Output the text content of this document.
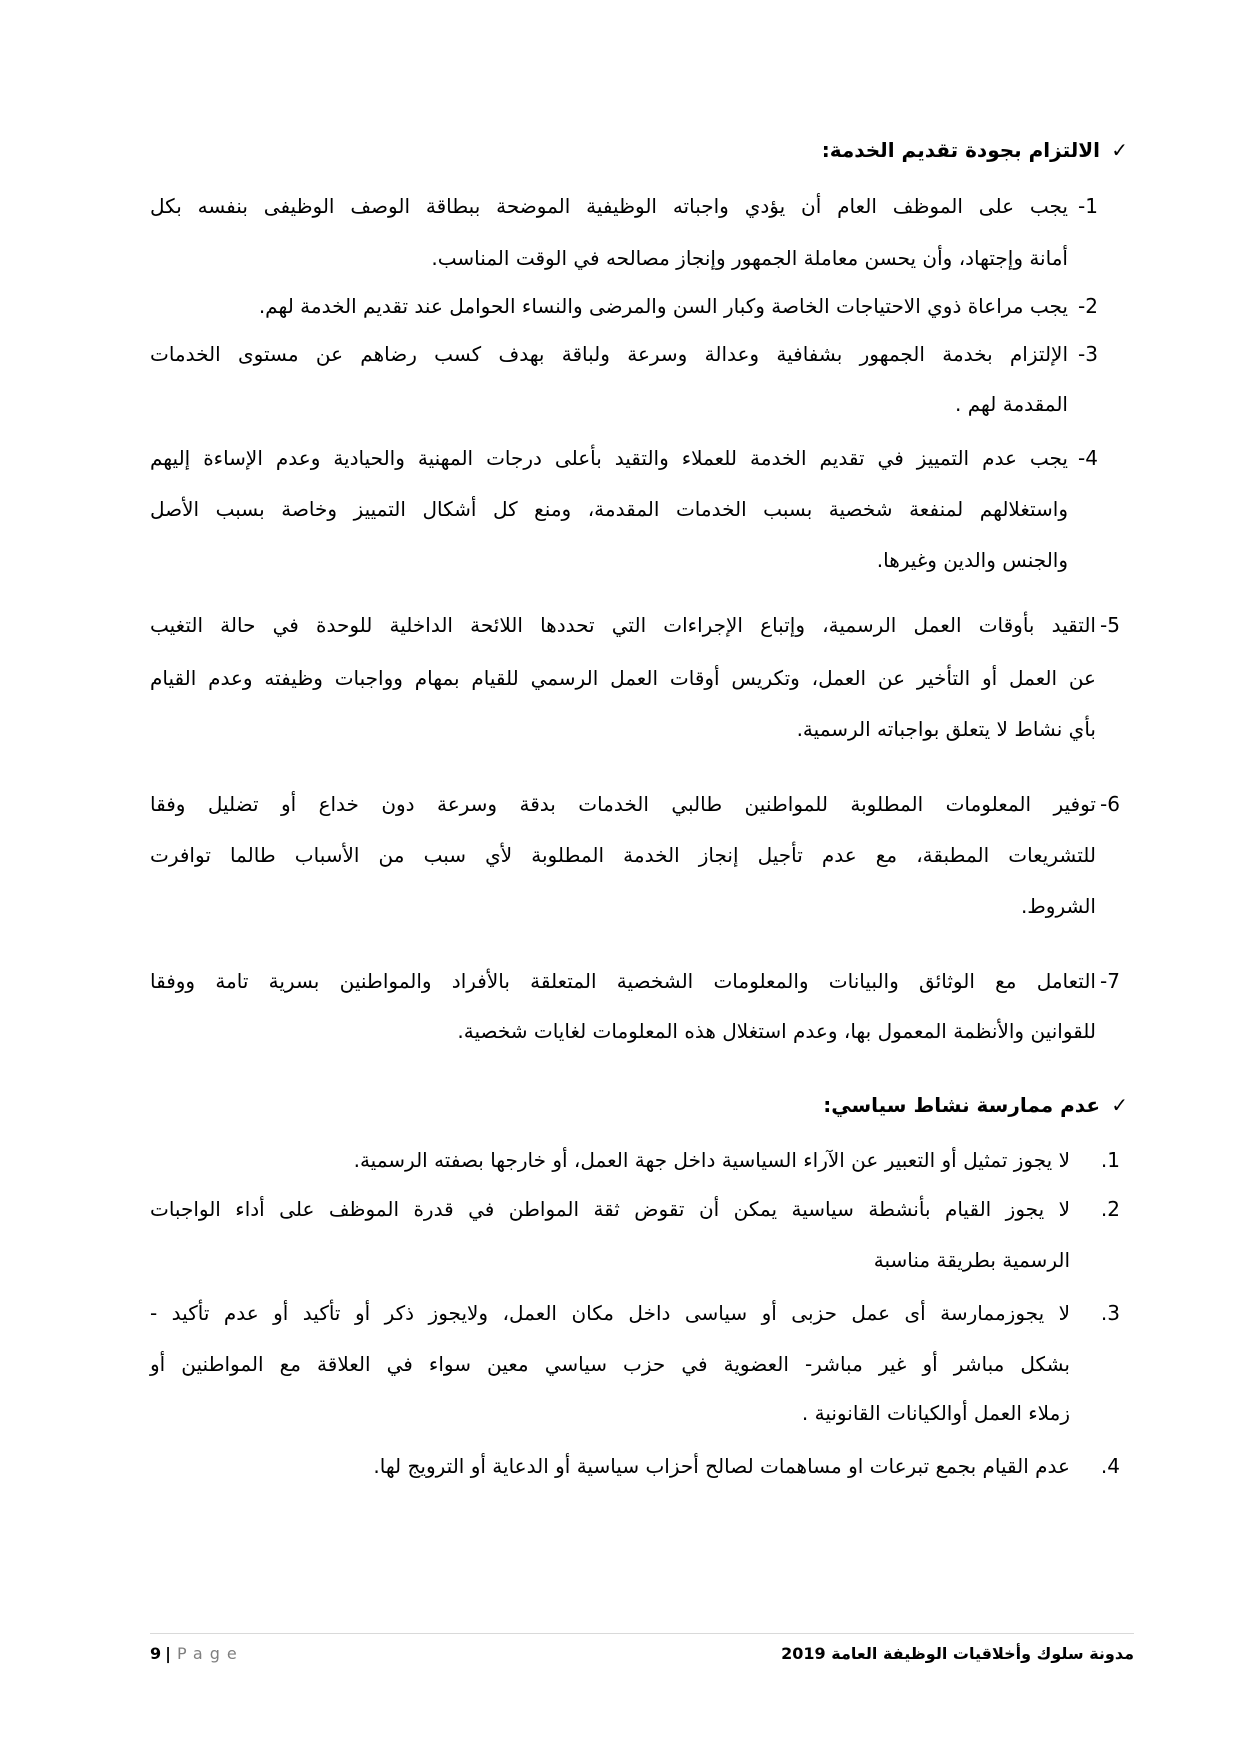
✓
الالتزام بجودة تقديم الخدمة:
1-
يجب على الموظف العام أن يؤدي واجباته الوظيفية الموضحة ببطاقة الوصف الوظيفى بنفسه بكل
أمانة وإجتهاد، وأن يحسن معاملة الجمهور وإنجاز مصالحه في الوقت المناسب.
2-
يجب مراعاة ذوي الاحتياجات الخاصة وكبار السن والمرضى والنساء الحوامل عند تقديم الخدمة لهم.
3-
الإلتزام بخدمة الجمهور بشفافية وعدالة وسرعة ولباقة بهدف كسب رضاهم عن مستوى الخدمات
المقدمة لهم .
4-
يجب عدم التمييز في تقديم الخدمة للعملاء والتقيد بأعلى درجات المهنية والحيادية وعدم الإساءة إليهم
واستغلالهم لمنفعة شخصية بسبب الخدمات المقدمة، ومنع كل أشكال التمييز وخاصة بسبب الأصل
والجنس والدين وغيرها.
5-
التقيد بأوقات العمل الرسمية، وإتباع الإجراءات التي تحددها اللائحة الداخلية للوحدة في حالة التغيب
عن العمل أو التأخير عن العمل، وتكريس أوقات العمل الرسمي للقيام بمهام وواجبات وظيفته وعدم القيام
بأي نشاط لا يتعلق بواجباته الرسمية.
6-
توفير المعلومات المطلوبة للمواطنين طالبي الخدمات بدقة وسرعة دون خداع أو تضليل وفقا
للتشريعات المطبقة، مع عدم تأجيل إنجاز الخدمة المطلوبة لأي سبب من الأسباب طالما توافرت
الشروط.
7-
التعامل مع الوثائق والبيانات والمعلومات الشخصية المتعلقة بالأفراد والمواطنين بسرية تامة ووفقا
للقوانين والأنظمة المعمول بها، وعدم استغلال هذه المعلومات لغايات شخصية.
✓
عدم ممارسة نشاط سياسي:
1.
لا يجوز تمثيل أو التعبير عن الآراء السياسية داخل جهة العمل، أو خارجها بصفته الرسمية.
2.
لا يجوز القيام بأنشطة سياسية يمكن أن تقوض ثقة المواطن في قدرة الموظف على أداء الواجبات
الرسمية بطريقة مناسبة
3.
لا يجوزممارسة أى عمل حزبى أو سياسى داخل مكان العمل، ولايجوز ذكر أو تأكيد أو عدم تأكيد -
بشكل مباشر أو غير مباشر- العضوية في حزب سياسي معين سواء في العلاقة مع المواطنين أو
زملاء العمل أوالكيانات القانونية .
4.
عدم القيام بجمع تبرعات او مساهمات لصالح أحزاب سياسية أو الدعاية أو الترويج لها.
مدونة سلوك وأخلاقيات الوظيفة العامة 2019
9 | Page
